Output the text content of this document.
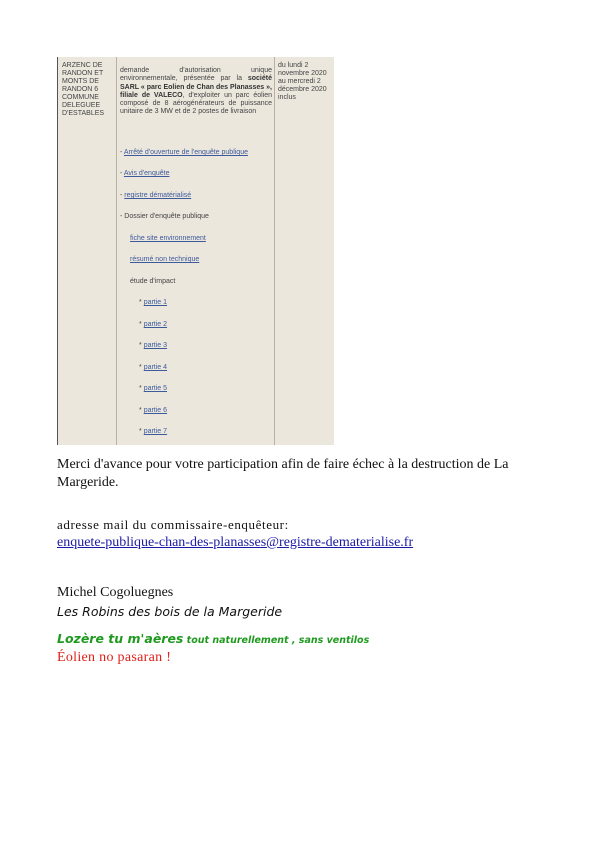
ARZENC DE
RANDON ET
MONTS DE
RANDON 6
COMMUNE
DELEGUEE
D'ESTABLES
demande d'autorisation unique environnementale, présentée par la société SARL « parc Eolien de Chan des Planasses », filiale de VALECO, d'exploiter un parc éolien composé de 8 aérogénérateurs de puissance unitaire de 3 MW et de 2 postes de livraison
- Arrêté d'ouverture de l'enquête publique
- Avis d'enquête
- registre dématérialisé
- Dossier d'enquête publique
fiche site environnement
résumé non technique
étude d'impact
* partie 1
* partie 2
* partie 3
* partie 4
* partie 5
* partie 6
* partie 7
du lundi 2
novembre 2020
au mercredi 2
décembre 2020
inclus
Merci d'avance pour votre participation afin de faire échec à la destruction de La Margeride.
adresse mail du commissaire-enquêteur:
enquete-publique-chan-des-planasses@registre-dematerialise.fr
Michel Cogoluegnes
Les Robins des bois de la Margeride
Lozère tu m'aères tout naturellement , sans ventilos
Éolien no pasaran !
